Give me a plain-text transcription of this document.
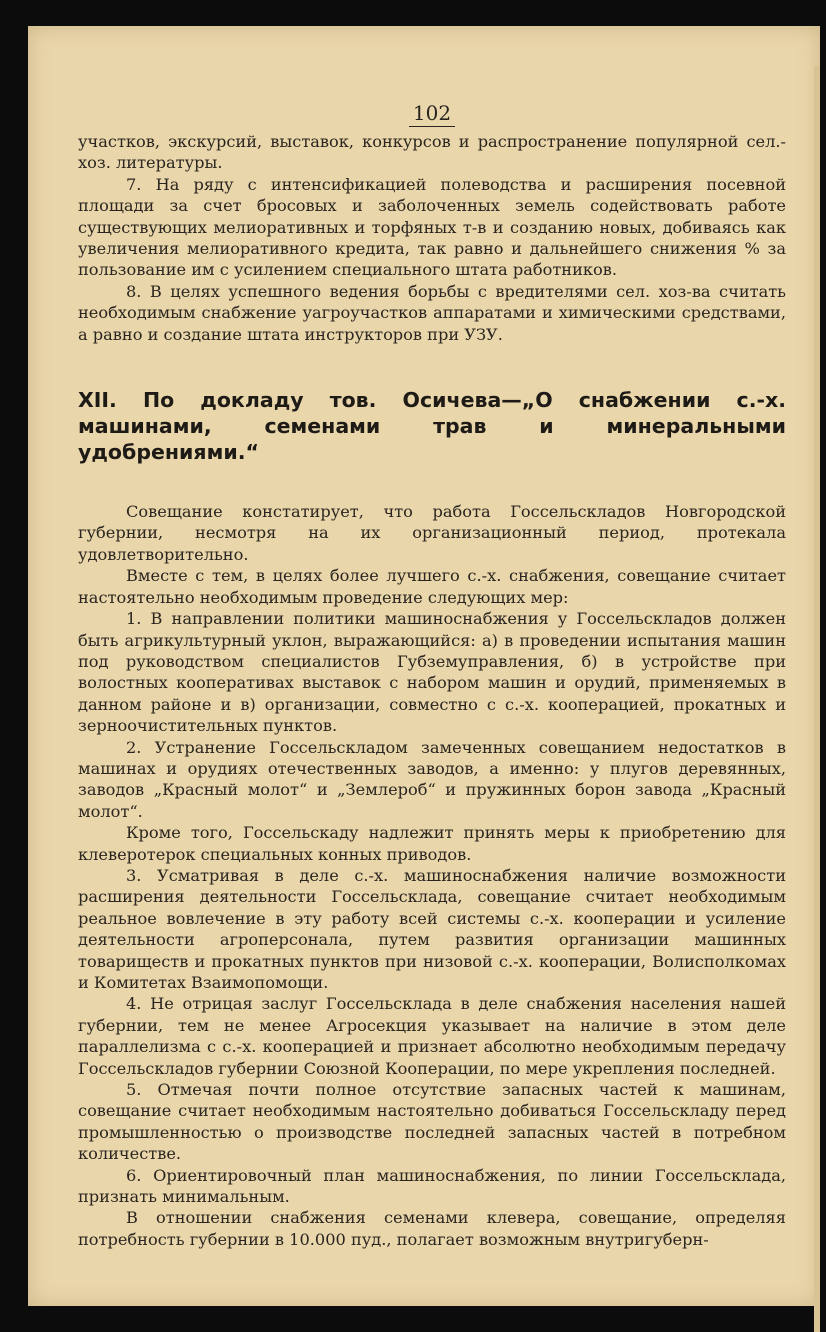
102

участков, экскурсий, выставок, конкурсов и распространение популярной сел.-хоз. литературы.

7. На ряду с интенсификацией полеводства и расширения посевной площади за счет бросовых и заболоченных земель содействовать работе существующих мелиоративных и торфяных т-в и созданию новых, добиваясь как увеличения мелиоративного кредита, так равно и дальнейшего снижения % за пользование им с усилением специального штата работников.

8. В целях успешного ведения борьбы с вредителями сел. хоз-ва считать необходимым снабжение уагроучастков аппаратами и химическими средствами, а равно и создание штата инструкторов при УЗУ.

XII. По докладу тов. Осичева—„О снабжении с.-х. машинами, семенами трав и минеральными удобрениями.“

Совещание констатирует, что работа Госсельскладов Новгородской губернии, несмотря на их организационный период, протекала удовлетворительно.

Вместе с тем, в целях более лучшего с.-х. снабжения, совещание считает настоятельно необходимым проведение следующих мер:

1. В направлении политики машиноснабжения у Госсельскладов должен быть агрикультурный уклон, выражающийся: а) в проведении испытания машин под руководством специалистов Губземуправления, б) в устройстве при волостных кооперативах выставок с набором машин и орудий, применяемых в данном районе и в) организации, совместно с с.-х. кооперацией, прокатных и зерноочистительных пунктов.

2. Устранение Госсельскладом замеченных совещанием недостатков в машинах и орудиях отечественных заводов, а именно: у плугов деревянных, заводов „Красный молот“ и „Землероб“ и пружинных борон завода „Красный молот“.

Кроме того, Госсельскаду надлежит принять меры к приобретению для клеверотерок специальных конных приводов.

3. Усматривая в деле с.-х. машиноснабжения наличие возможности расширения деятельности Госсельсклада, совещание считает необходимым реальное вовлечение в эту работу всей системы с.-х. кооперации и усиление деятельности агроперсонала, путем развития организации машинных товариществ и прокатных пунктов при низовой с.-х. кооперации, Волисполкомах и Комитетах Взаимопомощи.

4. Не отрицая заслуг Госсельсклада в деле снабжения населения нашей губернии, тем не менее Агросекция указывает на наличие в этом деле параллелизма с с.-х. кооперацией и признает абсолютно необходимым передачу Госсельскладов губернии Союзной Кооперации, по мере укрепления последней.

5. Отмечая почти полное отсутствие запасных частей к машинам, совещание считает необходимым настоятельно добиваться Госсельскладу перед промышленностью о производстве последней запасных частей в потребном количестве.

6. Ориентировочный план машиноснабжения, по линии Госсельсклада, признать минимальным.

В отношении снабжения семенами клевера, совещание, определяя потребность губернии в 10.000 пуд., полагает возможным внутригуберн-
